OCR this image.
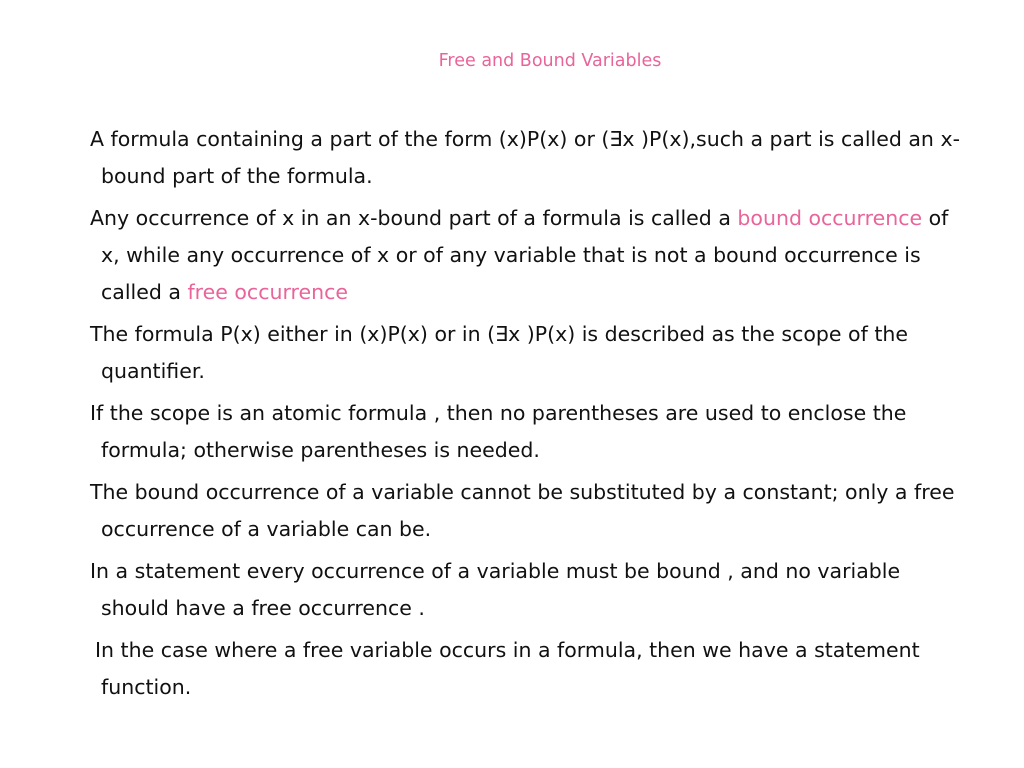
Free and Bound Variables

A formula containing a part of the form (x)P(x) or (∃x )P(x),such a part is called an x-bound part of the formula.

Any occurrence of x in an x-bound part of a formula is called a bound occurrence of x, while any occurrence of x or of any variable that is not a bound occurrence is called a free occurrence

The formula P(x) either in (x)P(x) or in (∃x )P(x) is described as the scope of the quantifier.

If the scope is an atomic formula , then no parentheses are used to enclose the formula; otherwise parentheses is needed.

The bound occurrence of a variable cannot be substituted by a constant; only a free occurrence of a variable can be.

In a statement every occurrence of a variable must be bound , and no variable should have a free occurrence .

In the case where a free variable occurs in a formula, then we have a statement function.
